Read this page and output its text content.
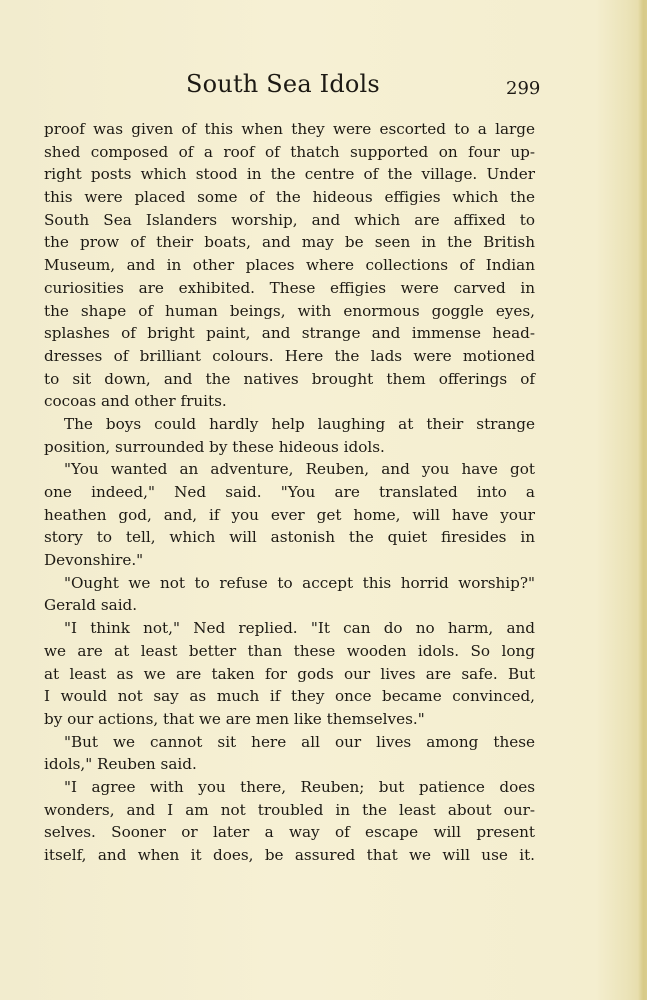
South Sea Idols	299
proof was given of this when they were escorted to a large
shed composed of a roof of thatch supported on four up-
right posts which stood in the centre of the village. Under
this were placed some of the hideous effigies which the
South Sea Islanders worship, and which are affixed to
the prow of their boats, and may be seen in the British
Museum, and in other places where collections of Indian
curiosities are exhibited. These effigies were carved in
the shape of human beings, with enormous goggle eyes,
splashes of bright paint, and strange and immense head-
dresses of brilliant colours. Here the lads were motioned
to sit down, and the natives brought them offerings of
cocoas and other fruits.
The boys could hardly help laughing at their strange
position, surrounded by these hideous idols.
"You wanted an adventure, Reuben, and you have got
one indeed," Ned said. "You are translated into a
heathen god, and, if you ever get home, will have your
story to tell, which will astonish the quiet firesides in
Devonshire."
"Ought we not to refuse to accept this horrid worship?"
Gerald said.
"I think not," Ned replied. "It can do no harm, and
we are at least better than these wooden idols. So long
at least as we are taken for gods our lives are safe. But
I would not say as much if they once became convinced,
by our actions, that we are men like themselves."
"But we cannot sit here all our lives among these
idols," Reuben said.
"I agree with you there, Reuben; but patience does
wonders, and I am not troubled in the least about our-
selves. Sooner or later a way of escape will present
itself, and when it does, be assured that we will use it.
